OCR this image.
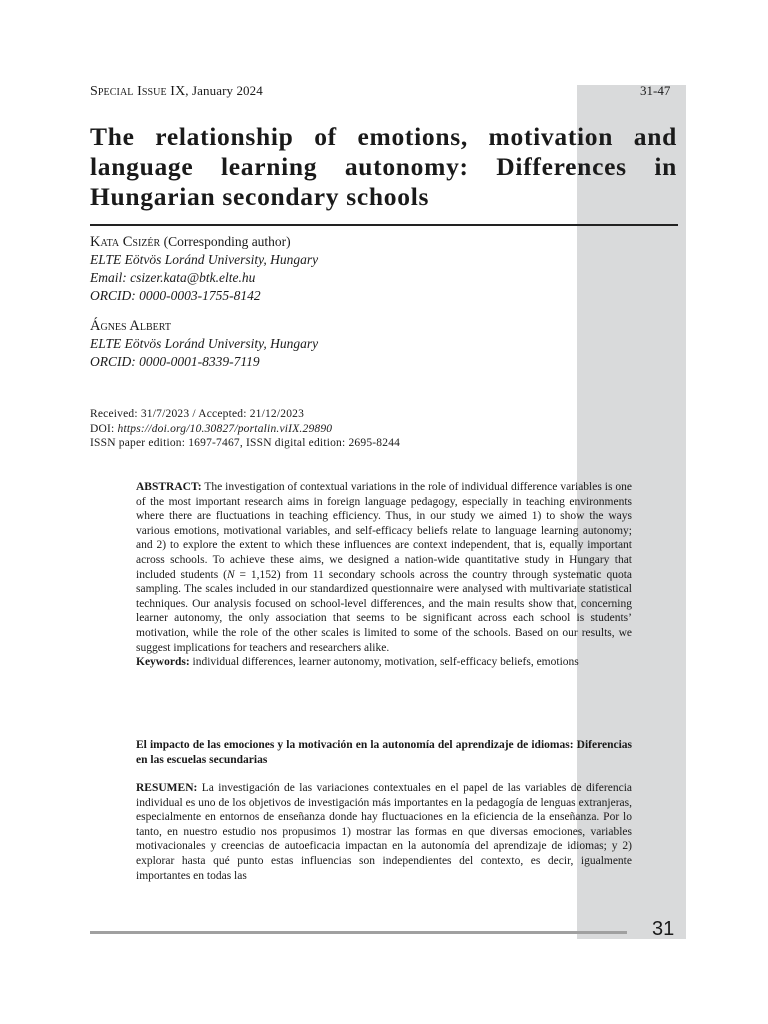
Special Issue IX, January 2024	31-47
The relationship of emotions, motivation and language learning autonomy: Differences in Hungarian secondary schools
Kata Csizér (Corresponding author)
ELTE Eötvös Loránd University, Hungary
Email: csizer.kata@btk.elte.hu
ORCID: 0000-0003-1755-8142
Ágnes Albert
ELTE Eötvös Loránd University, Hungary
ORCID: 0000-0001-8339-7119
Received: 31/7/2023 / Accepted: 21/12/2023
DOI: https://doi.org/10.30827/portalin.viIX.29890
ISSN paper edition: 1697-7467, ISSN digital edition: 2695-8244

ABSTRACT: The investigation of contextual variations in the role of individual difference variables is one of the most important research aims in foreign language pedagogy, especially in teaching environments where there are fluctuations in teaching efficiency. Thus, in our study we aimed 1) to show the ways various emotions, motivational variables, and self-efficacy beliefs relate to language learning autonomy; and 2) to explore the extent to which these influences are context independent, that is, equally important across schools. To achieve these aims, we designed a nation-wide quantitative study in Hungary that included students (N = 1,152) from 11 secondary schools across the country through systematic quota sampling. The scales included in our standardized questionnaire were analysed with multivariate statistical techniques. Our analysis focused on school-level differences, and the main results show that, concerning learner autonomy, the only association that seems to be significant across each school is students’ motivation, while the role of the other scales is limited to some of the schools. Based on our results, we suggest implications for teachers and researchers alike.

Keywords: individual differences, learner autonomy, motivation, self-efficacy beliefs, emotions

El impacto de las emociones y la motivación en la autonomía del aprendizaje de idiomas: Diferencias en las escuelas secundarias

RESUMEN: La investigación de las variaciones contextuales en el papel de las variables de diferencia individual es uno de los objetivos de investigación más importantes en la pedagogía de lenguas extranjeras, especialmente en entornos de enseñanza donde hay fluctuaciones en la eficiencia de la enseñanza. Por lo tanto, en nuestro estudio nos propusimos 1) mostrar las formas en que diversas emociones, variables motivacionales y creencias de autoeficacia impactan en la autonomía del aprendizaje de idiomas; y 2) explorar hasta qué punto estas influencias son independientes del contexto, es decir, igualmente importantes en todas las

31
